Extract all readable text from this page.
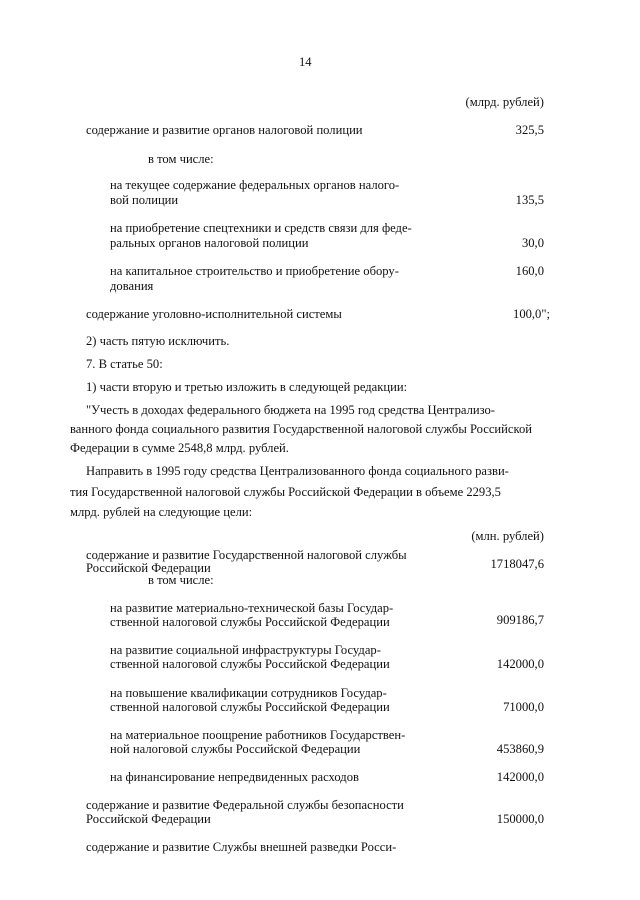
14
(млрд. рублей)
содержание и развитие органов налоговой полиции	325,5
в том числе:
на текущее содержание федеральных органов налого-
вой полиции	135,5
на приобретение спецтехники и средств связи для феде-
ральных органов налоговой полиции	30,0
на капитальное строительство и приобретение обору-	160,0
дования
содержание уголовно-исполнительной системы	100,0";
2) часть пятую исключить.
7. В статье 50:
1) части вторую и третью изложить в следующей редакции:
"Учесть в доходах федерального бюджета на 1995 год средства Централизо-
ванного фонда социального развития Государственной налоговой службы Российской
Федерации в сумме 2548,8 млрд. рублей.
Направить в 1995 году средства Централизованного фонда социального разви-
тия Государственной налоговой службы Российской Федерации в объеме 2293,5
млрд. рублей на следующие цели:
(млн. рублей)
содержание и развитие Государственной налоговой службы
Российской Федерации	1718047,6
в том числе:
на развитие материально-технической базы Государ-
ственной налоговой службы Российской Федерации	909186,7
на развитие социальной инфраструктуры Государ-
ственной налоговой службы Российской Федерации	142000,0
на повышение квалификации сотрудников Государ-
ственной налоговой службы Российской Федерации	71000,0
на материальное поощрение работников Государствен-
ной налоговой службы Российской Федерации	453860,9
на финансирование непредвиденных расходов	142000,0
содержание и развитие Федеральной службы безопасности
Российской Федерации	150000,0
содержание и развитие Службы внешней разведки Росси-
